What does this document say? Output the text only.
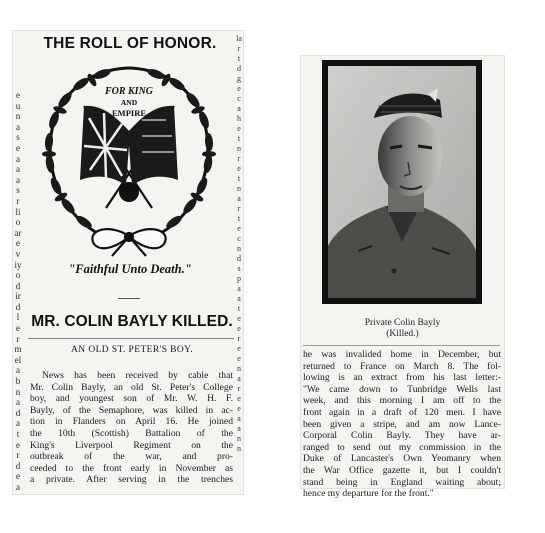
e
u
n
a
s
e
a
a
a
s
r
li
o
ar
e
v
iy
o
d
ir
d
l
e
r
m
el
a
b
n
a
d
a
t
e
r
d
e
a
la
r
t
d
g
e
c
a
h
e
t
n
r
e
t
n
a
r
t
e
c
n
d
s
p
a
a
t
e
e
r
e
e
n
a
r
e
e
a
a
n
n
THE ROLL OF HONOR.
FOR KING
AND
EMPIRE
"Faithful Unto Death."
MR. COLIN BAYLY KILLED.
AN OLD ST. PETER'S BOY.
News has been received by cable that
Mr. Colin Bayly, an old St. Peter's College
boy, and youngest son of Mr. W. H. F.
Bayly, of the Semaphore, was killed in ac-
tion in Flanders on April 16. He joined
the 10th (Scottish) Battalion of the
King's Liverpool Regiment on the
outbreak of the war, and pro-
ceeded to the front early in November as
a private. After serving in the trenches
Private Colin Bayly
(Killed.)
he was invalided home in December, but
returned to France on March 8. The fol-
lowing is an extract from his last letter:-
"We came down to Tunbridge Wells last
week, and this morning I am off to the
front again in a draft of 120 men. I have
been given a stripe, and am now Lance-
Corporal Colin Bayly. They have ar-
ranged to send out my commission in the
Duke of Lancaster's Own Yeomanry when
the War Office gazette it, but I couldn't
stand being in England waiting about;
hence my departure for the front."
